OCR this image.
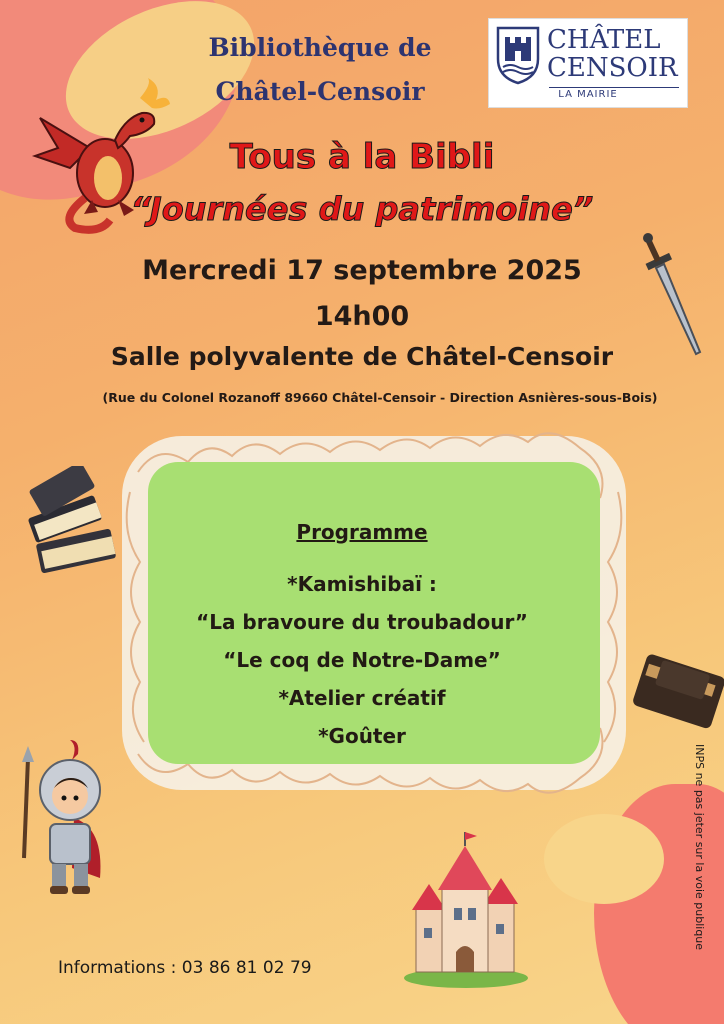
Bibliothèque de
Châtel-Censoir
CHÂTEL
CENSOIR
LA MAIRIE
Tous à la Bibli
“Journées du patrimoine”
Mercredi 17 septembre 2025
14h00
Salle polyvalente de Châtel-Censoir
(Rue du Colonel Rozanoff 89660 Châtel-Censoir - Direction Asnières-sous-Bois)
Programme
*Kamishibaï :
“La bravoure du troubadour”
“Le coq de Notre-Dame”
*Atelier créatif
*Goûter
Informations : 03 86 81 02 79
INPS ne pas jeter sur la voie publique
